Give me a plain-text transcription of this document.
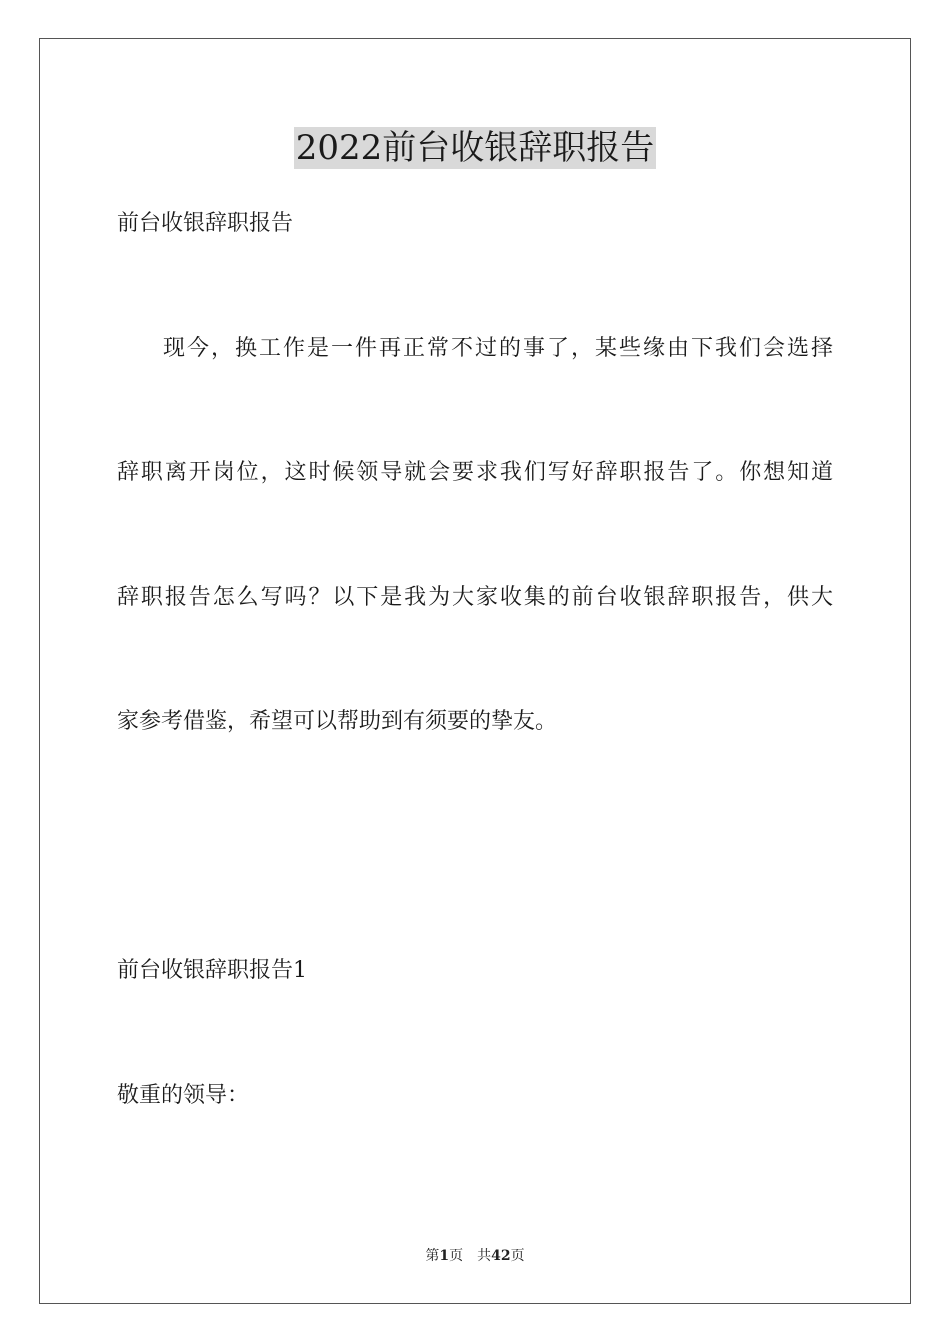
2022前台收银辞职报告

前台收银辞职报告

现今，换工作是一件再正常不过的事了，某些缘由下我们会选择

辞职离开岗位，这时候领导就会要求我们写好辞职报告了。你想知道

辞职报告怎么写吗？以下是我为大家收集的前台收银辞职报告，供大

家参考借鉴，希望可以帮助到有须要的挚友。

前台收银辞职报告1

敬重的领导：

第1页 共42页
